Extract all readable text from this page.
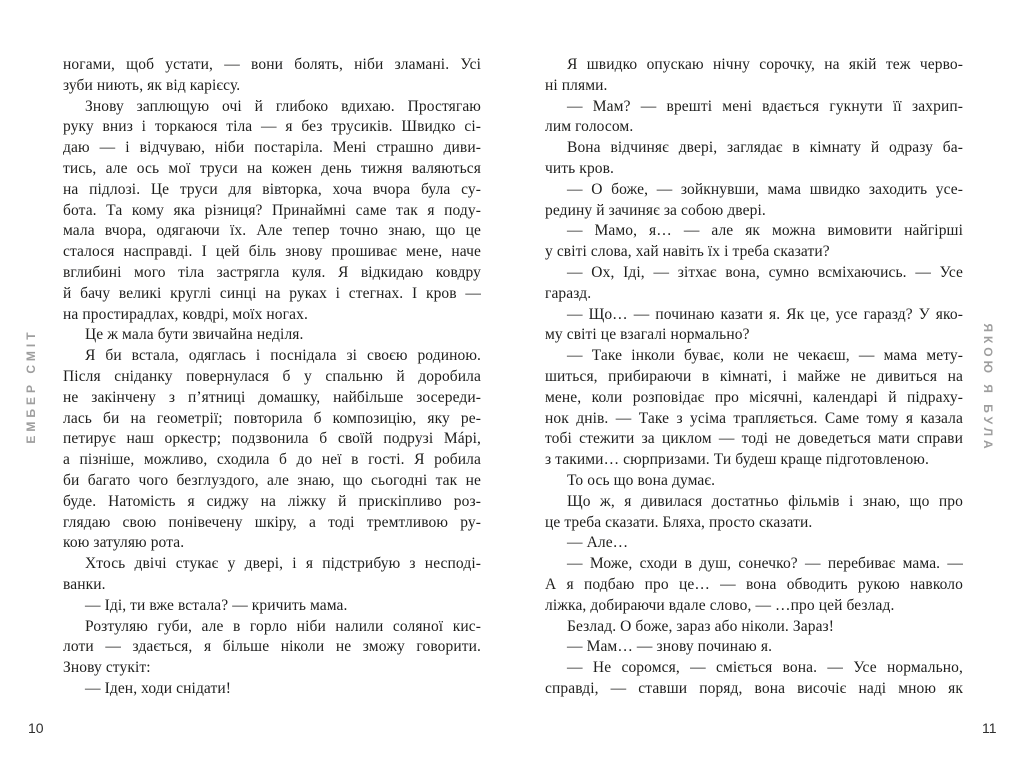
ЕМБЕР СМІТ
ногами, щоб устати, — вони болять, ніби зламані. Усі
зуби ниють, як від карієсу.
Знову заплющую очі й глибоко вдихаю. Простягаю
руку вниз і торкаюся тіла — я без трусиків. Швидко сі-
даю — і відчуваю, ніби постаріла. Мені страшно диви-
тись, але ось мої труси на кожен день тижня валяються
на підлозі. Це труси для вівторка, хоча вчора була су-
бота. Та кому яка різниця? Принаймні саме так я поду-
мала вчора, одягаючи їх. Але тепер точно знаю, що це
сталося насправді. І цей біль знову прошиває мене, наче
вглибині мого тіла застрягла куля. Я відкидаю ковдру
й бачу великі круглі синці на руках і стегнах. І кров —
на простирадлах, ковдрі, моїх ногах.
Це ж мала бути звичайна неділя.
Я би встала, одяглась і поснідала зі своєю родиною.
Після сніданку повернулася б у спальню й доробила
не закінчену з п’ятниці домашку, найбільше зосереди-
лась би на геометрії; повторила б композицію, яку ре-
петирує наш оркестр; подзвонила б своїй подрузі Мáрі,
а пізніше, можливо, сходила б до неї в гості. Я робила
би багато чого безглуздого, але знаю, що сьогодні так не
буде. Натомість я сиджу на ліжку й прискіпливо роз-
глядаю свою понівечену шкіру, а тоді тремтливою ру-
кою затуляю рота.
Хтось двічі стукає у двері, і я підстрибую з несподі-
ванки.
— Іді, ти вже встала? — кричить мама.
Розтуляю губи, але в горло ніби налили соляної кис-
лоти — здається, я більше ніколи не зможу говорити.
Знову стукіт:
— Іден, ходи снідати!
Я швидко опускаю нічну сорочку, на якій теж черво-
ні плями.
— Мам? — врешті мені вдається гукнути її захрип-
лим голосом.
Вона відчиняє двері, заглядає в кімнату й одразу ба-
чить кров.
— О боже, — зойкнувши, мама швидко заходить усе-
редину й зачиняє за собою двері.
— Мамо, я… — але як можна вимовити найгірші
у світі слова, хай навіть їх і треба сказати?
— Ох, Іді, — зітхає вона, сумно всміхаючись. — Усе
гаразд.
— Що… — починаю казати я. Як це, усе гаразд? У яко-
му світі це взагалі нормально?
— Таке інколи буває, коли не чекаєш, — мама мету-
шиться, прибираючи в кімнаті, і майже не дивиться на
мене, коли розповідає про місячні, календарі й підраху-
нок днів. — Таке з усіма трапляється. Саме тому я казала
тобі стежити за циклом — тоді не доведеться мати справи
з такими… сюрпризами. Ти будеш краще підготовленою.
То ось що вона думає.
Що ж, я дивилася достатньо фільмів і знаю, що про
це треба сказати. Бляха, просто сказати.
— Але…
— Може, сходи в душ, сонечко? — перебиває мама. —
А я подбаю про це… — вона обводить рукою навколо
ліжка, добираючи вдале слово, — …про цей безлад.
Безлад. О боже, зараз або ніколи. Зараз!
— Мам… — знову починаю я.
— Не соромся, — сміється вона. — Усе нормально,
справді, — ставши поряд, вона височіє наді мною як
ЯКОЮ Я БУЛА
10	11
